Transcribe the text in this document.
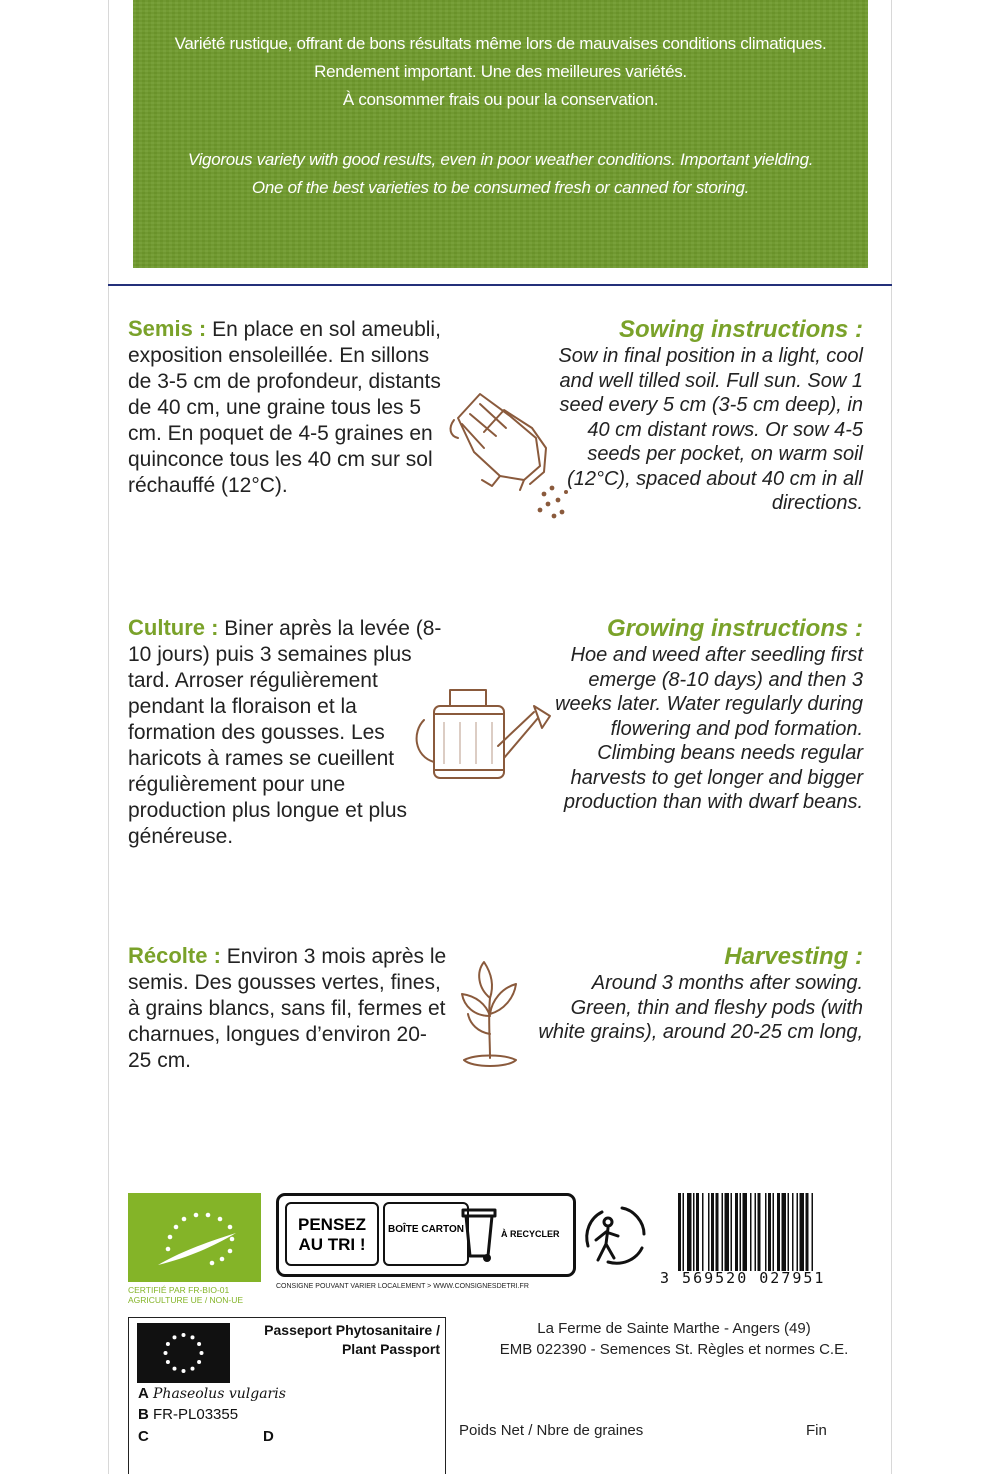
Variété rustique, offrant de bons résultats même lors de mauvaises conditions climatiques.

Rendement important. Une des meilleures variétés.

À consommer frais ou pour la conservation.

Vigorous variety with good results, even in poor weather conditions. Important yielding.

One of the best varieties to be consumed fresh or canned for storing.

Semis : En place en sol ameubli, exposition ensoleillée. En sillons de 3-5 cm de profondeur, distants de 40 cm, une graine tous les 5 cm. En poquet de 4-5 graines en quinconce tous les 40 cm sur sol réchauffé (12°C).
Sowing instructions :
Sow in final position in a light, cool and well tilled soil. Full sun. Sow 1 seed every 5 cm (3-5 cm deep), in 40 cm distant rows. Or sow 4-5 seeds per pocket, on warm soil (12°C), spaced about 40 cm in all directions.
Culture : Biner après la levée (8-10 jours) puis 3 semaines plus tard. Arroser régulièrement pendant la floraison et la formation des gousses. Les haricots à rames se cueillent régulièrement pour une production plus longue et plus généreuse.
Growing instructions :
Hoe and weed after seedling first emerge (8-10 days) and then 3 weeks later. Water regularly during flowering and pod formation. Climbing beans needs regular harvests to get longer and bigger production than with dwarf beans.
Récolte : Environ 3 mois après le semis. Des gousses vertes, fines, à grains blancs, sans fil, fermes et charnues, longues d’environ 20-25 cm.
Harvesting :
Around 3 months after sowing. Green, thin and fleshy pods (with white grains), around 20-25 cm long,
CERTIFIÉ PAR FR-BIO-01
AGRICULTURE UE / NON-UE
PENSEZ AU TRI !
BOÎTE CARTON	À RECYCLER
CONSIGNE POUVANT VARIER LOCALEMENT > WWW.CONSIGNESDETRI.FR	3 569520 027951
Passeport Phytosanitaire /
Plant Passport
A Phaseolus vulgaris
B FR-PL03355
C	D
La Ferme de Sainte Marthe - Angers (49)
EMB 022390 - Semences St. Règles et normes C.E.
Poids Net / Nbre de graines	Fin
